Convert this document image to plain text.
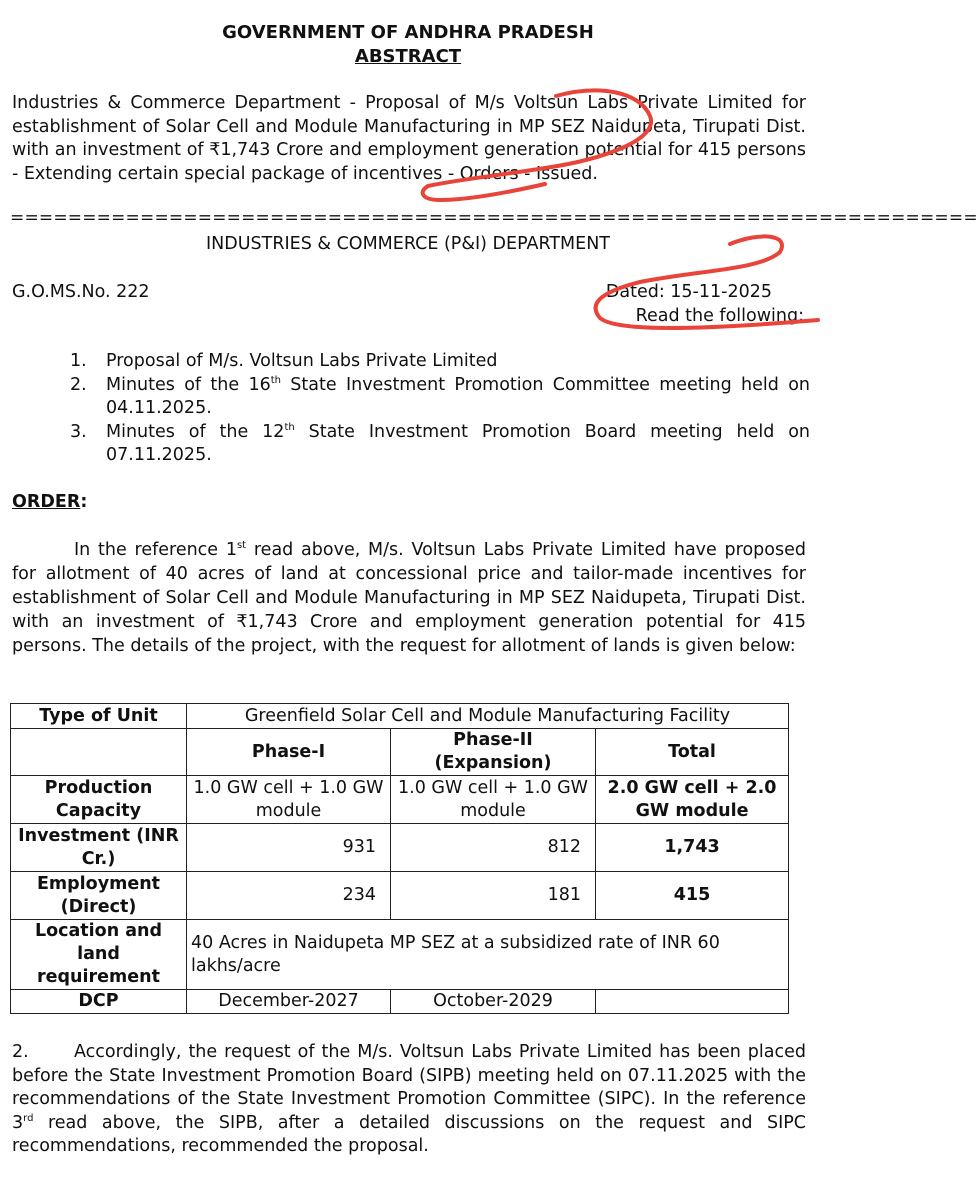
GOVERNMENT OF ANDHRA PRADESH
ABSTRACT
Industries & Commerce Department - Proposal of M/s Voltsun Labs Private Limited for establishment of Solar Cell and Module Manufacturing in MP SEZ Naidupeta, Tirupati Dist. with an investment of ₹1,743 Crore and employment generation potential for 415 persons - Extending certain special package of incentives - Orders - Issued.
===================================================================
INDUSTRIES & COMMERCE (P&I) DEPARTMENT
G.O.MS.No. 222	Dated: 15-11-2025
Read the following:
1. Proposal of M/s. Voltsun Labs Private Limited
2. Minutes of the 16th State Investment Promotion Committee meeting held on 04.11.2025.
3. Minutes of the 12th State Investment Promotion Board meeting held on 07.11.2025.
ORDER:
In the reference 1st read above, M/s. Voltsun Labs Private Limited have proposed for allotment of 40 acres of land at concessional price and tailor-made incentives for establishment of Solar Cell and Module Manufacturing in MP SEZ Naidupeta, Tirupati Dist. with an investment of ₹1,743 Crore and employment generation potential for 415 persons. The details of the project, with the request for allotment of lands is given below:
Type of Unit	Greenfield Solar Cell and Module Manufacturing Facility		
	Phase-I	Phase-II (Expansion)	Total
Production Capacity	1.0 GW cell + 1.0 GW module	1.0 GW cell + 1.0 GW module	2.0 GW cell + 2.0 GW module
Investment (INR Cr.)	931	812	1,743
Employment (Direct)	234	181	415
Location and land requirement	40 Acres in Naidupeta MP SEZ at a subsidized rate of INR 60 lakhs/acre		
DCP	December-2027	October-2029	
2.	Accordingly, the request of the M/s. Voltsun Labs Private Limited has been placed before the State Investment Promotion Board (SIPB) meeting held on 07.11.2025 with the recommendations of the State Investment Promotion Committee (SIPC). In the reference 3rd read above, the SIPB, after a detailed discussions on the request and SIPC recommendations, recommended the proposal.
